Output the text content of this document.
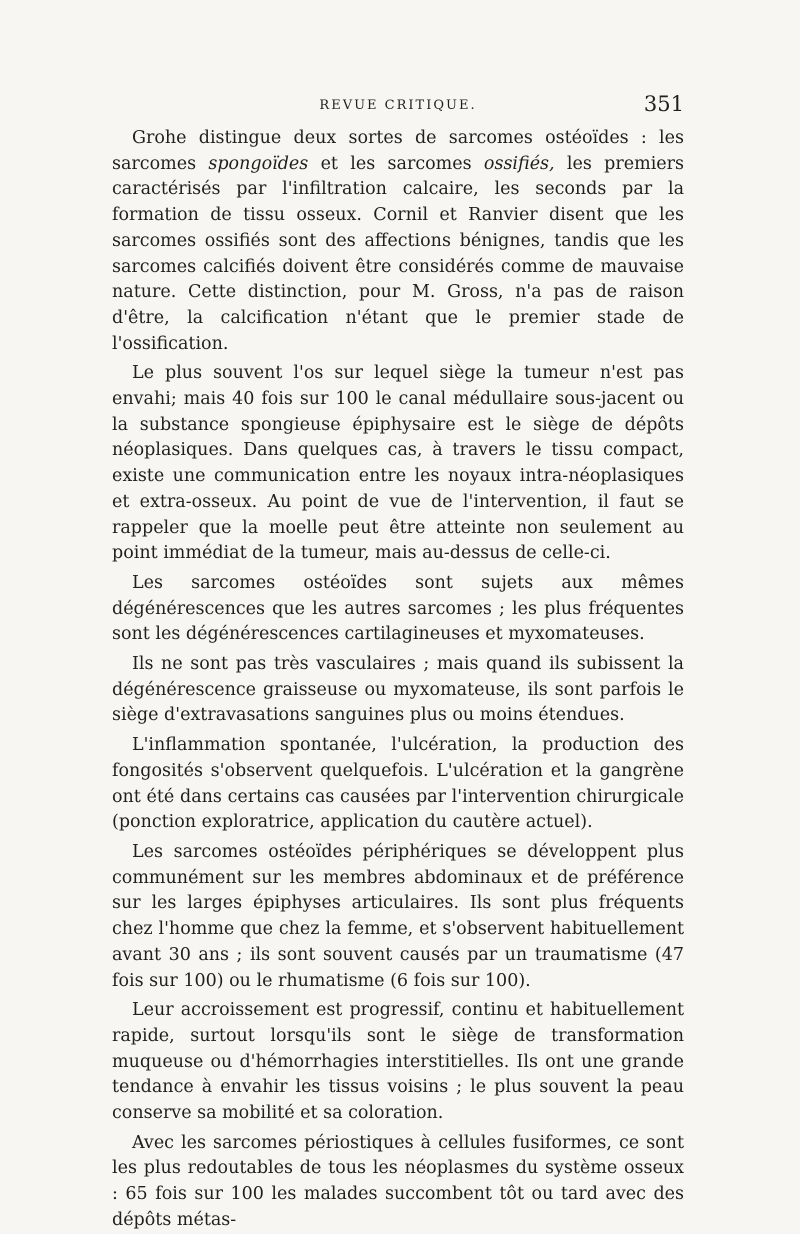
REVUE CRITIQUE.	351

Grohe distingue deux sortes de sarcomes ostéoïdes : les sarcomes spongoïdes et les sarcomes ossifiés, les premiers caractérisés par l'infiltration calcaire, les seconds par la formation de tissu osseux. Cornil et Ranvier disent que les sarcomes ossifiés sont des affections bénignes, tandis que les sarcomes calcifiés doivent être considérés comme de mauvaise nature. Cette distinction, pour M. Gross, n'a pas de raison d'être, la calcification n'étant que le premier stade de l'ossification.

Le plus souvent l'os sur lequel siège la tumeur n'est pas envahi; mais 40 fois sur 100 le canal médullaire sous-jacent ou la substance spongieuse épiphysaire est le siège de dépôts néoplasiques. Dans quelques cas, à travers le tissu compact, existe une communication entre les noyaux intra-néoplasiques et extra-osseux. Au point de vue de l'intervention, il faut se rappeler que la moelle peut être atteinte non seulement au point immédiat de la tumeur, mais au-dessus de celle-ci.

Les sarcomes ostéoïdes sont sujets aux mêmes dégénérescences que les autres sarcomes ; les plus fréquentes sont les dégénérescences cartilagineuses et myxomateuses.

Ils ne sont pas très vasculaires ; mais quand ils subissent la dégénérescence graisseuse ou myxomateuse, ils sont parfois le siège d'extravasations sanguines plus ou moins étendues.

L'inflammation spontanée, l'ulcération, la production des fongosités s'observent quelquefois. L'ulcération et la gangrène ont été dans certains cas causées par l'intervention chirurgicale (ponction exploratrice, application du cautère actuel).

Les sarcomes ostéoïdes périphériques se développent plus communément sur les membres abdominaux et de préférence sur les larges épiphyses articulaires. Ils sont plus fréquents chez l'homme que chez la femme, et s'observent habituellement avant 30 ans ; ils sont souvent causés par un traumatisme (47 fois sur 100) ou le rhumatisme (6 fois sur 100).

Leur accroissement est progressif, continu et habituellement rapide, surtout lorsqu'ils sont le siège de transformation muqueuse ou d'hémorrhagies interstitielles. Ils ont une grande tendance à envahir les tissus voisins ; le plus souvent la peau conserve sa mobilité et sa coloration.

Avec les sarcomes périostiques à cellules fusiformes, ce sont les plus redoutables de tous les néoplasmes du système osseux : 65 fois sur 100 les malades succombent tôt ou tard avec des dépôts métas-
